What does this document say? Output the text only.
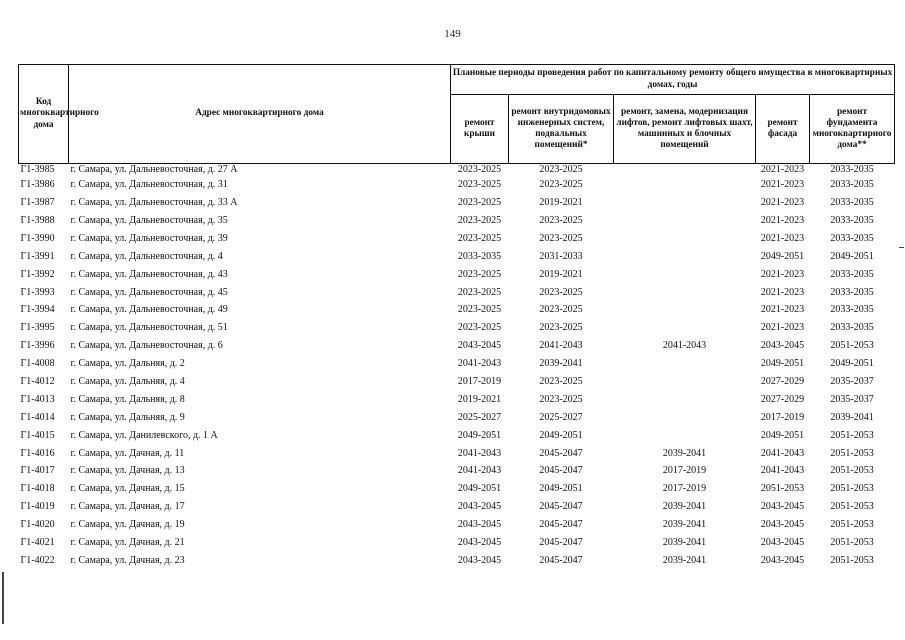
149
Код многоквартирного дома	Адрес многоквартирного дома	Плановые периоды проведения работ по капитальному ремонту общего имущества в многоквартирных домах, годы				
		ремонт крыши	ремонт внутридомовых инженерных систем, подвальных помещений*	ремонт, замена, модернизация лифтов, ремонт лифтовых шахт, машинных и блочных помещений	ремонт фасада	ремонт фундамента многоквартирного дома**
Г1-3985	г. Самара, ул. Дальневосточная, д. 27 А	2023-2025	2023-2025		2021-2023	2033-2035
Г1-3986	г. Самара, ул. Дальневосточная, д. 31	2023-2025	2023-2025		2021-2023	2033-2035
Г1-3987	г. Самара, ул. Дальневосточная, д. 33 А	2023-2025	2019-2021		2021-2023	2033-2035
Г1-3988	г. Самара, ул. Дальневосточная, д. 35	2023-2025	2023-2025		2021-2023	2033-2035
Г1-3990	г. Самара, ул. Дальневосточная, д. 39	2023-2025	2023-2025		2021-2023	2033-2035
Г1-3991	г. Самара, ул. Дальневосточная, д. 4	2033-2035	2031-2033		2049-2051	2049-2051
Г1-3992	г. Самара, ул. Дальневосточная, д. 43	2023-2025	2019-2021		2021-2023	2033-2035
Г1-3993	г. Самара, ул. Дальневосточная, д. 45	2023-2025	2023-2025		2021-2023	2033-2035
Г1-3994	г. Самара, ул. Дальневосточная, д. 49	2023-2025	2023-2025		2021-2023	2033-2035
Г1-3995	г. Самара, ул. Дальневосточная, д. 51	2023-2025	2023-2025		2021-2023	2033-2035
Г1-3996	г. Самара, ул. Дальневосточная, д. 6	2043-2045	2041-2043	2041-2043	2043-2045	2051-2053
Г1-4008	г. Самара, ул. Дальняя, д. 2	2041-2043	2039-2041		2049-2051	2049-2051
Г1-4012	г. Самара, ул. Дальняя, д. 4	2017-2019	2023-2025		2027-2029	2035-2037
Г1-4013	г. Самара, ул. Дальняя, д. 8	2019-2021	2023-2025		2027-2029	2035-2037
Г1-4014	г. Самара, ул. Дальняя, д. 9	2025-2027	2025-2027		2017-2019	2039-2041
Г1-4015	г. Самара, ул. Данилевского, д. 1 А	2049-2051	2049-2051		2049-2051	2051-2053
Г1-4016	г. Самара, ул. Дачная, д. 11	2041-2043	2045-2047	2039-2041	2041-2043	2051-2053
Г1-4017	г. Самара, ул. Дачная, д. 13	2041-2043	2045-2047	2017-2019	2041-2043	2051-2053
Г1-4018	г. Самара, ул. Дачная, д. 15	2049-2051	2049-2051	2017-2019	2051-2053	2051-2053
Г1-4019	г. Самара, ул. Дачная, д. 17	2043-2045	2045-2047	2039-2041	2043-2045	2051-2053
Г1-4020	г. Самара, ул. Дачная, д. 19	2043-2045	2045-2047	2039-2041	2043-2045	2051-2053
Г1-4021	г. Самара, ул. Дачная, д. 21	2043-2045	2045-2047	2039-2041	2043-2045	2051-2053
Г1-4022	г. Самара, ул. Дачная, д. 23	2043-2045	2045-2047	2039-2041	2043-2045	2051-2053
